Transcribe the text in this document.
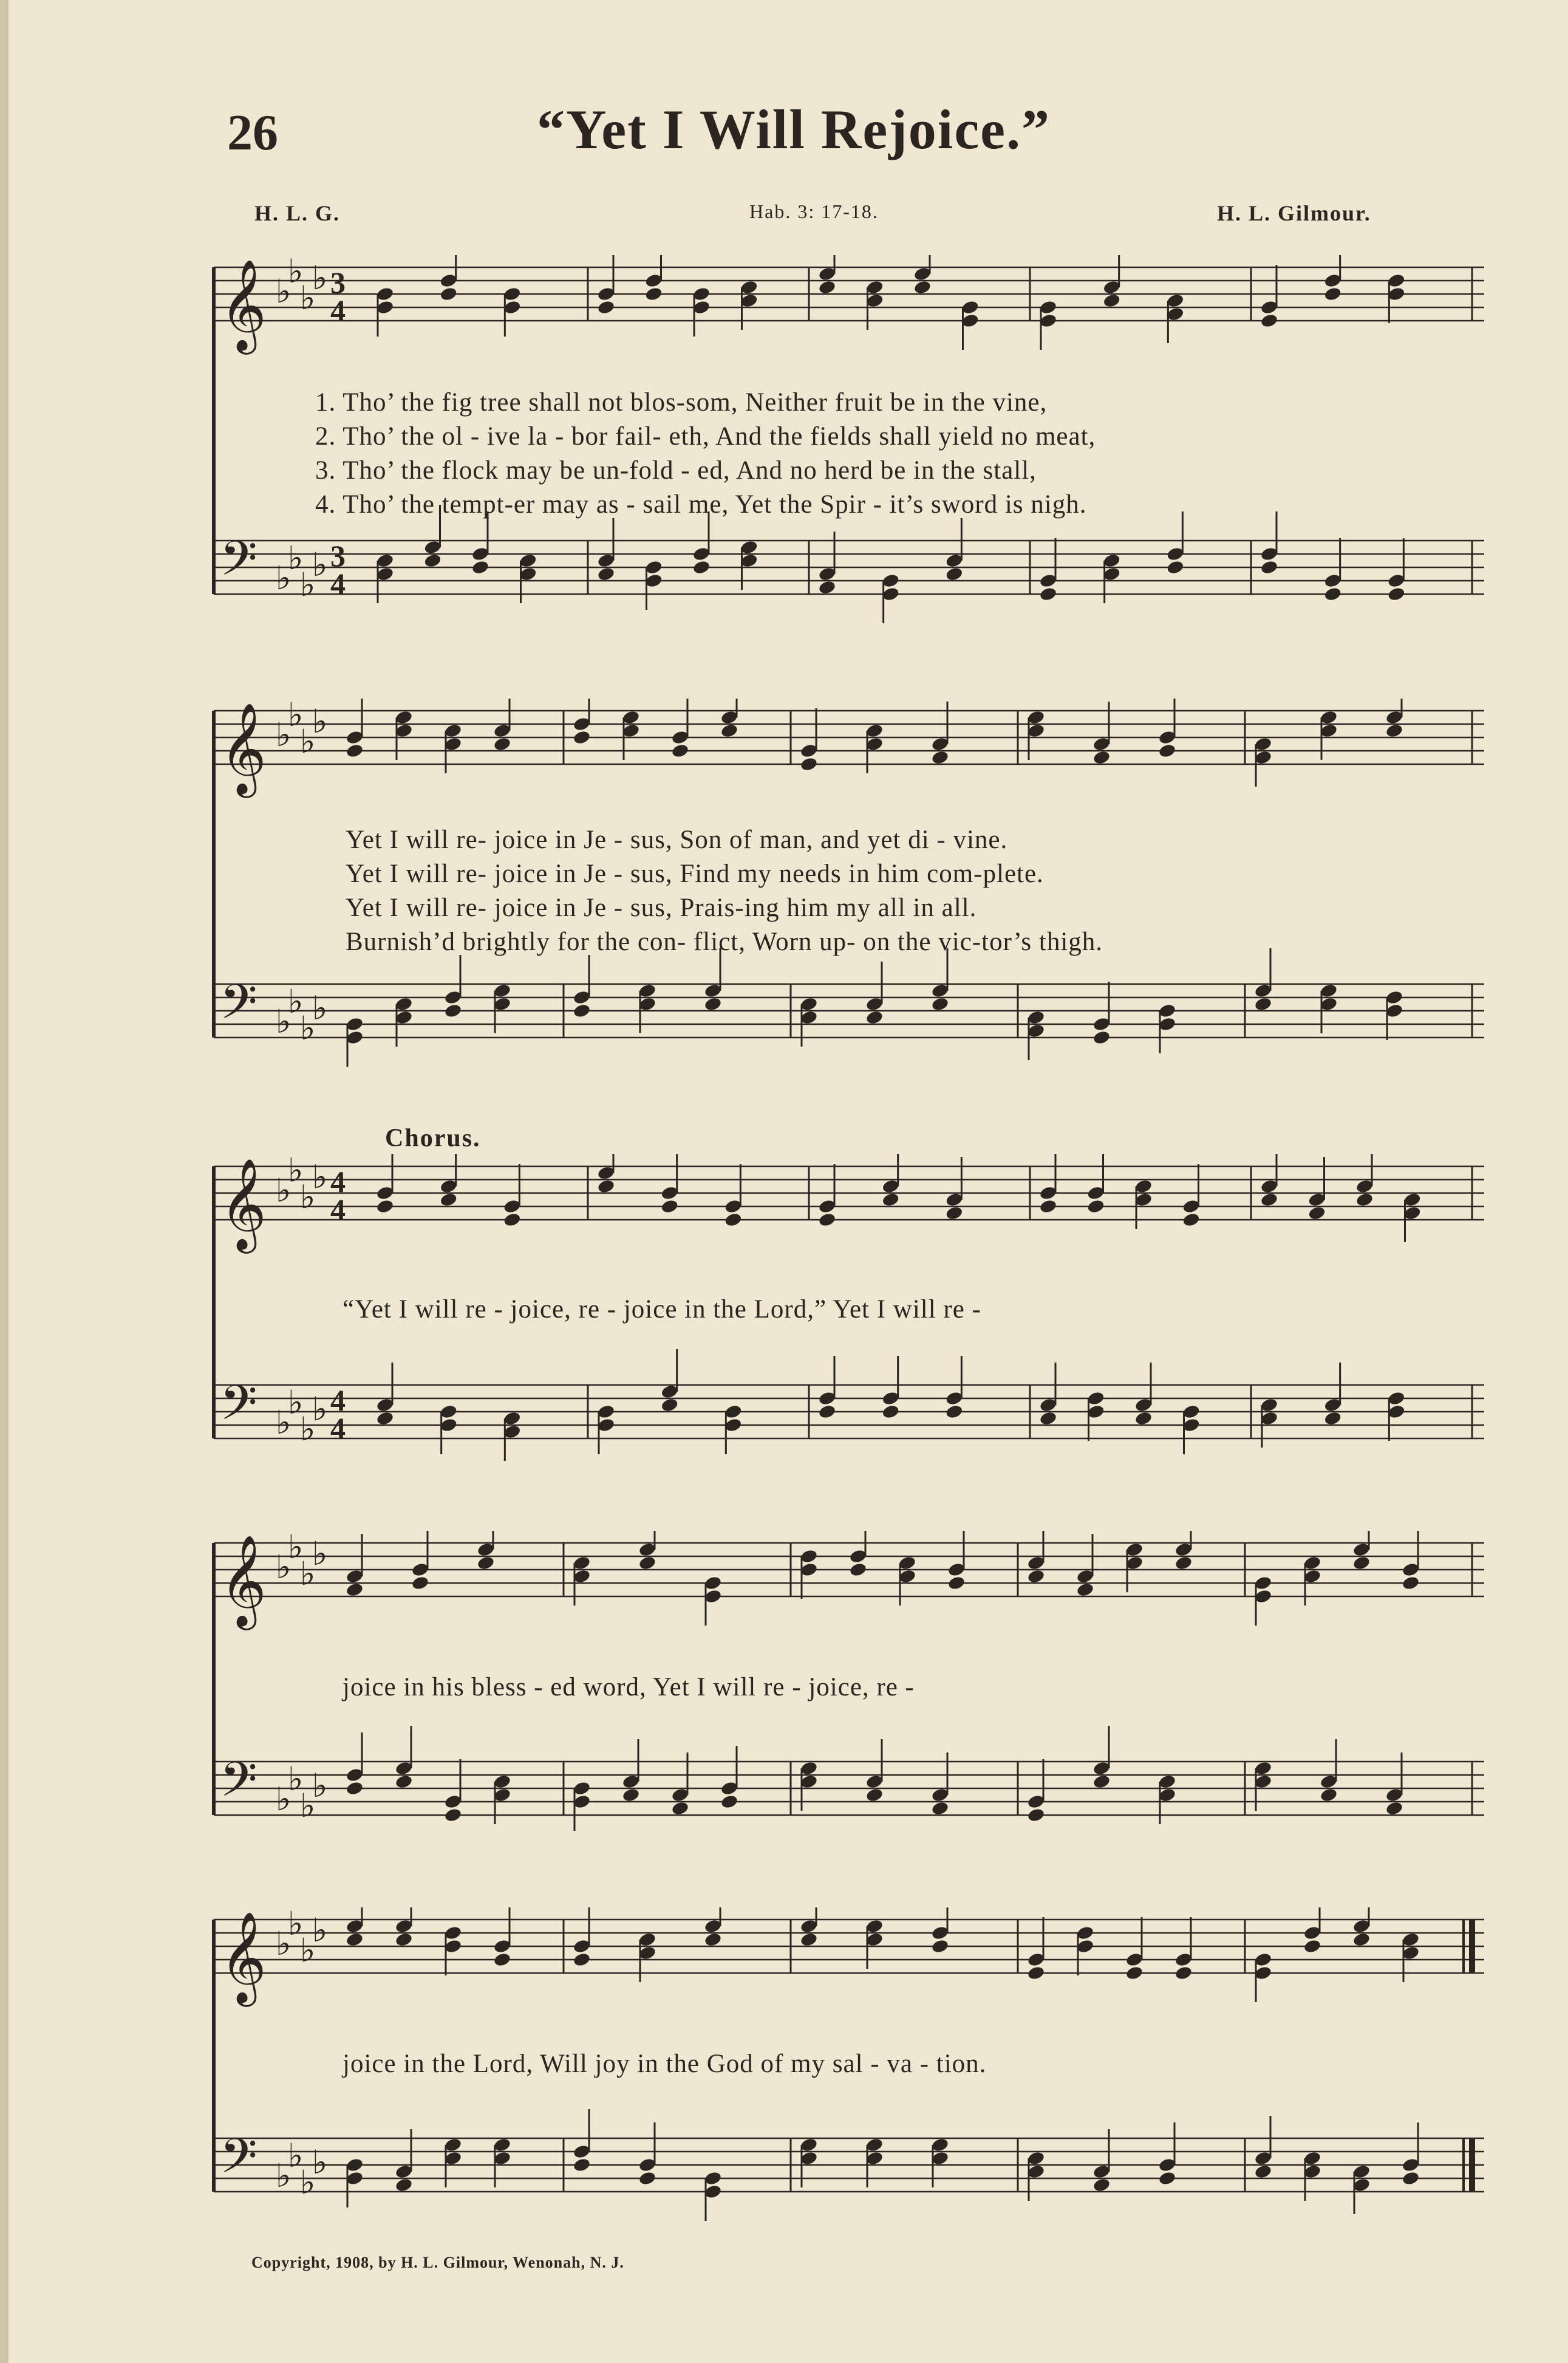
26	“Yet I Will Rejoice.”
H. L. G.	Hab. 3: 17-18.	H. L. Gilmour.
𝄞 ♭
♭
♭
♭ 3
4
𝄢 ♭
♭
♭
♭ 3
4
1. Tho’ the fig tree shall not blos-som, Neither fruit be in the vine,
2. Tho’ the ol - ive la - bor fail- eth, And the fields shall yield no meat,
3. Tho’ the flock may be un-fold - ed, And no herd be in the stall,
4. Tho’ the tempt-er may as - sail me, Yet the Spir - it’s sword is nigh.
𝄞 ♭
♭
♭
♭
𝄢 ♭
♭
♭
♭
Yet I will re- joice in Je - sus, Son of man, and yet di - vine.
Yet I will re- joice in Je - sus, Find my needs in him com-plete.
Yet I will re- joice in Je - sus, Prais-ing him my all in all.
Burnish’d brightly for the con- flict, Worn up- on the vic-tor’s thigh.
Chorus.
𝄞 ♭
♭
♭
♭ 4
4
𝄢 ♭
♭
♭
♭ 4
4
“Yet I will re - joice, re - joice in the Lord,” Yet I will re -
𝄞 ♭
♭
♭
♭
𝄢 ♭
♭
♭
♭
joice in his bless - ed word, Yet I will re - joice, re -
𝄞 ♭
♭
♭
♭
𝄢 ♭
♭
♭
♭
joice in the Lord, Will joy in the God of my sal - va - tion.
Copyright, 1908, by H. L. Gilmour, Wenonah, N. J.
